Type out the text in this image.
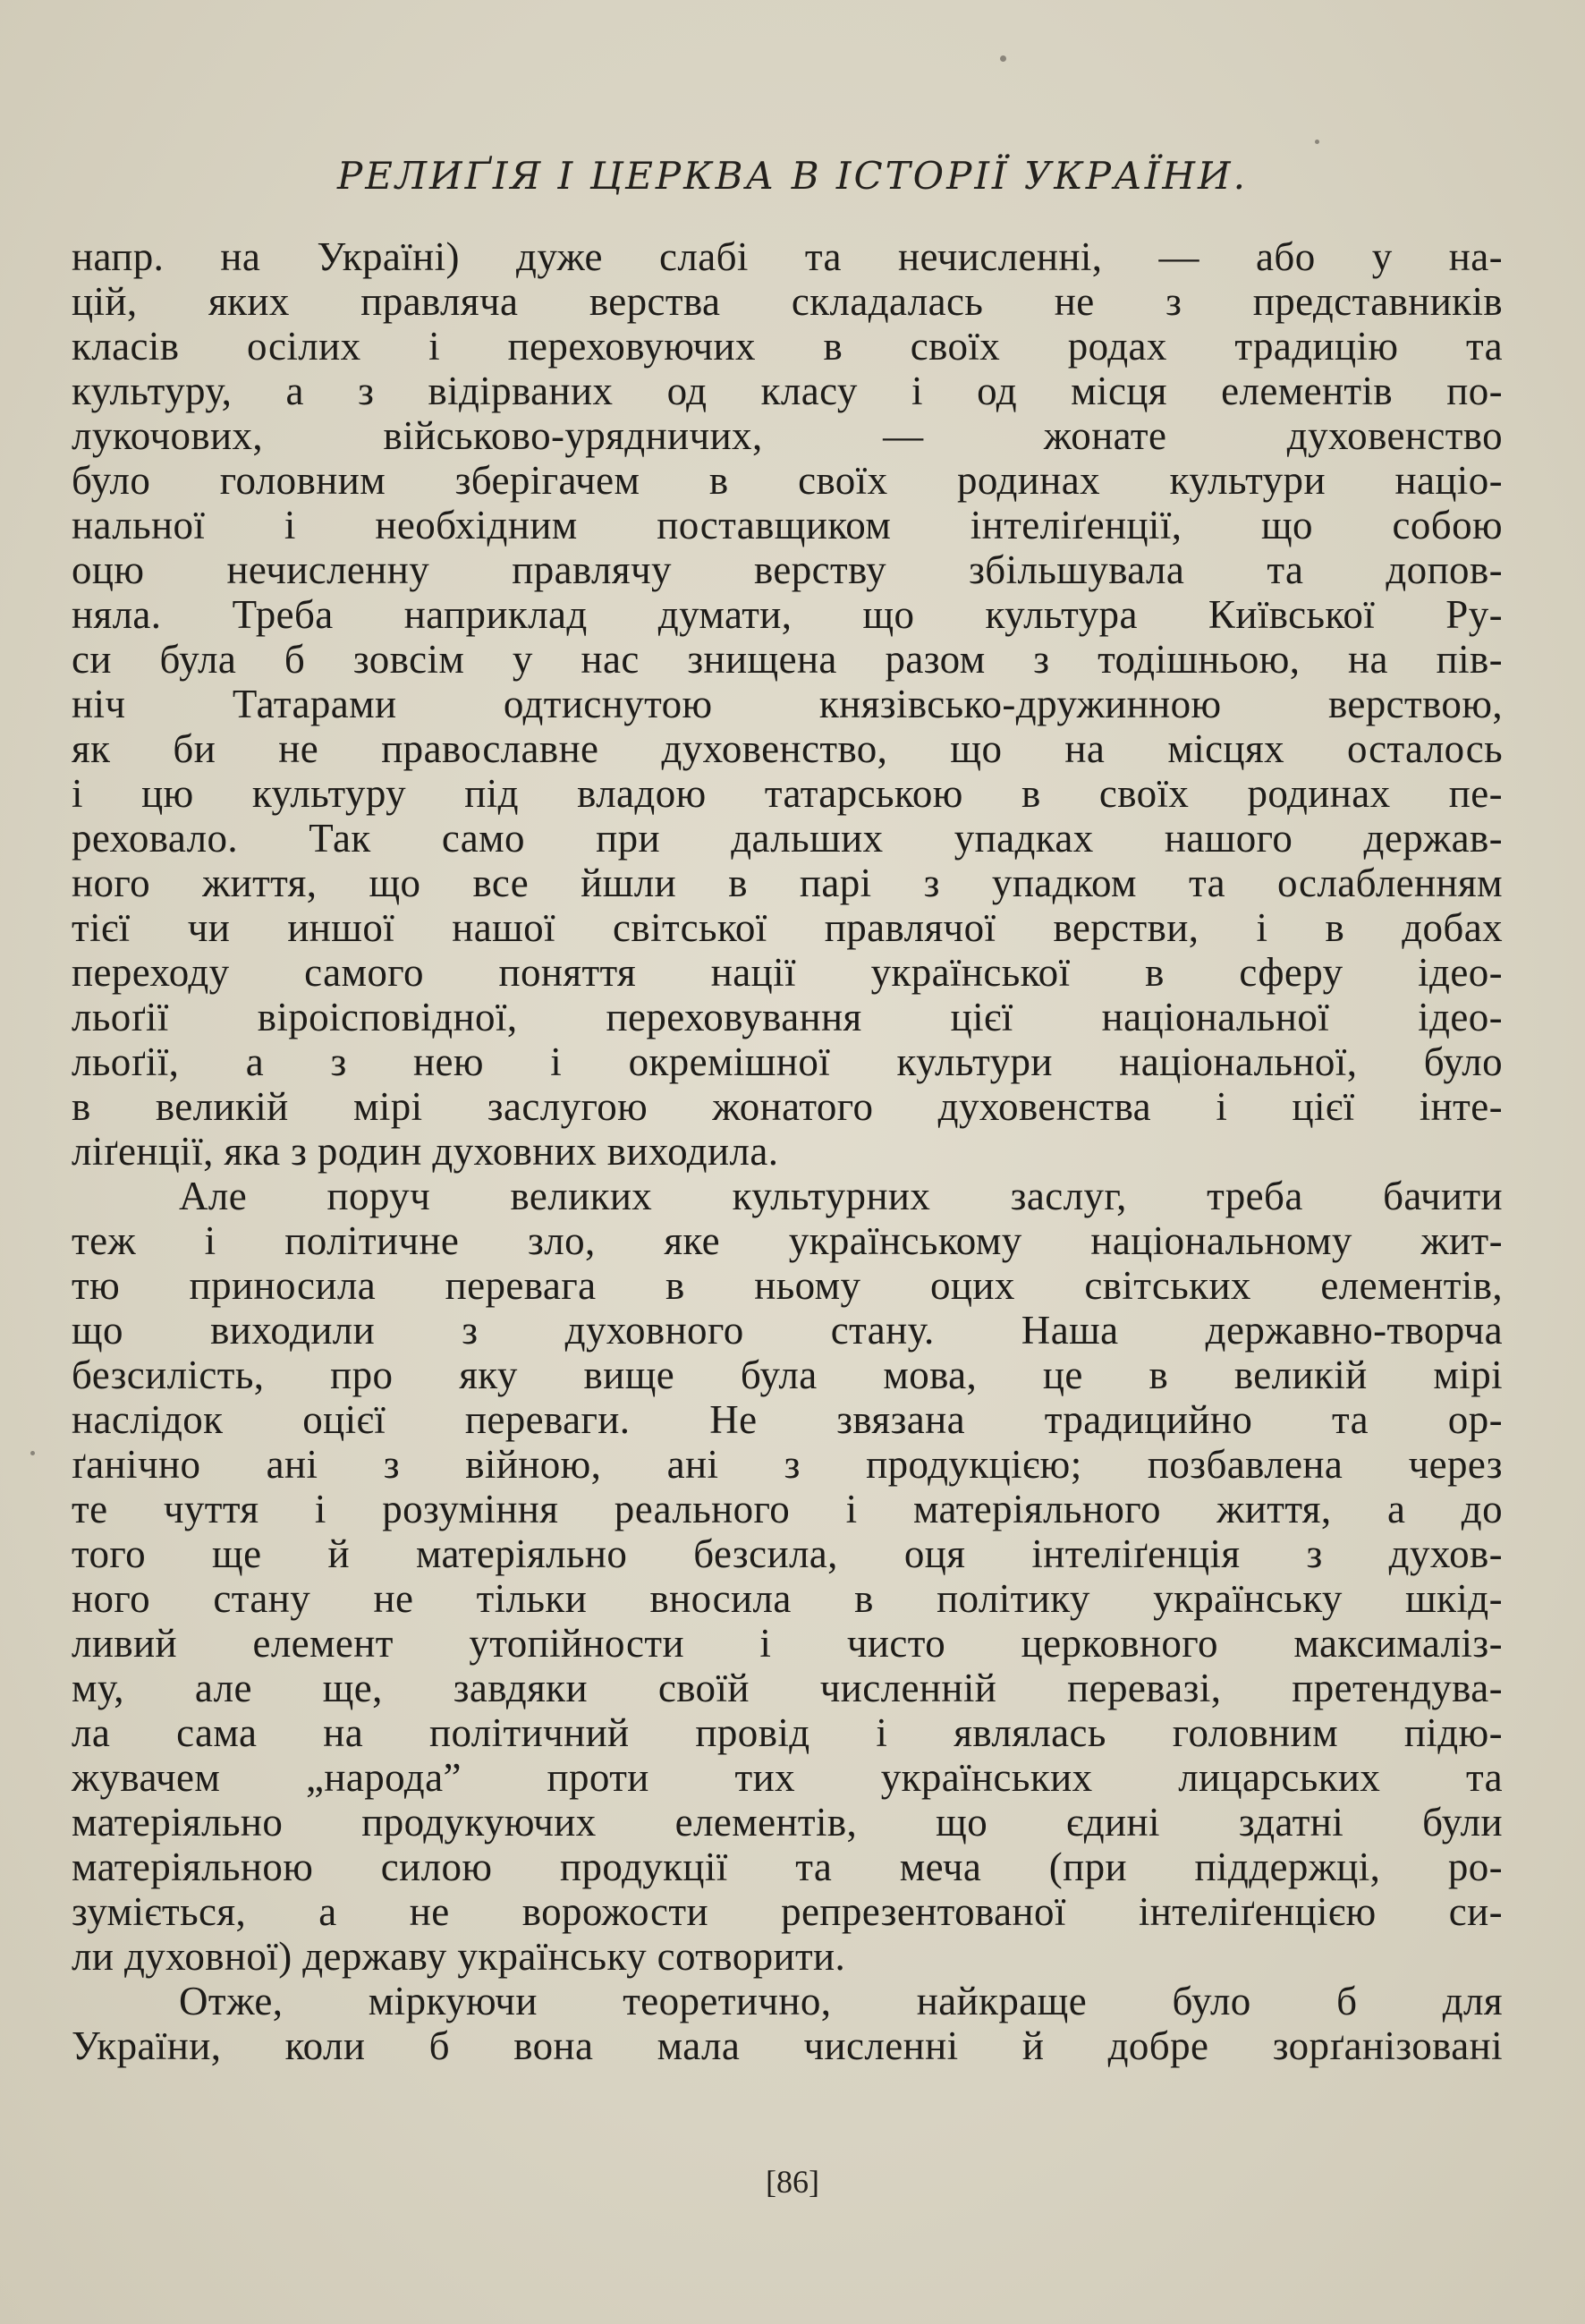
РЕЛИҐІЯ І ЦЕРКВА В ІСТОРІЇ УКРАЇНИ.
напр. на Україні) дуже слабі та нечисленні, — або у на-
цій, яких правляча верства складалась не з представників
класів осілих і переховуючих в своїх родах традицію та
культуру, а з відірваних од класу і од місця елементів по-
лукочових, військово-урядничих, — жонате духовенство
було головним зберігачем в своїх родинах культури націо-
нальної і необхідним поставщиком інтеліґенції, що собою
оцю нечисленну правлячу верству збільшувала та допов-
няла. Треба наприклад думати, що культура Київської Ру-
си була б зовсім у нас знищена разом з тодішньою, на пів-
ніч Татарами одтиснутою князівсько-дружинною верствою,
як би не православне духовенство, що на місцях осталось
і цю культуру під владою татарською в своїх родинах пе-
реховало. Так само при дальших упадках нашого держав-
ного життя, що все йшли в парі з упадком та ослабленням
тієї чи иншої нашої світської правлячої верстви, і в добах
переходу самого поняття нації української в сферу ідео-
льоґії віроісповідної, переховування цієї національної ідео-
льоґії, а з нею і окремішної культури національної, було
в великій мірі заслугою жонатого духовенства і цієї інте-
ліґенції, яка з родин духовних виходила.
Але поруч великих культурних заслуг, треба бачити
теж і політичне зло, яке українському національному жит-
тю приносила перевага в ньому оцих світських елементів,
що виходили з духовного стану. Наша державно-творча
безсилість, про яку вище була мова, це в великій мірі
наслідок оцієї переваги. Не звязана традицийно та ор-
ґанічно ані з війною, ані з продукцією; позбавлена через
те чуття і розуміння реального і матеріяльного життя, а до
того ще й матеріяльно безсила, оця інтеліґенція з духов-
ного стану не тільки вносила в політику українську шкід-
ливий елемент утопійности і чисто церковного максималіз-
му, але ще, завдяки своїй численній перевазі, претендува-
ла сама на політичний провід і являлась головним підю-
жувачем „народа” проти тих українських лицарських та
матеріяльно продукуючих елементів, що єдині здатні були
матеріяльною силою продукції та меча (при піддержці, ро-
зуміється, а не ворожости репрезентованої інтеліґенцією си-
ли духовної) державу українську сотворити.
Отже, міркуючи теоретично, найкраще було б для
України, коли б вона мала численні й добре зорґанізовані
[86]
